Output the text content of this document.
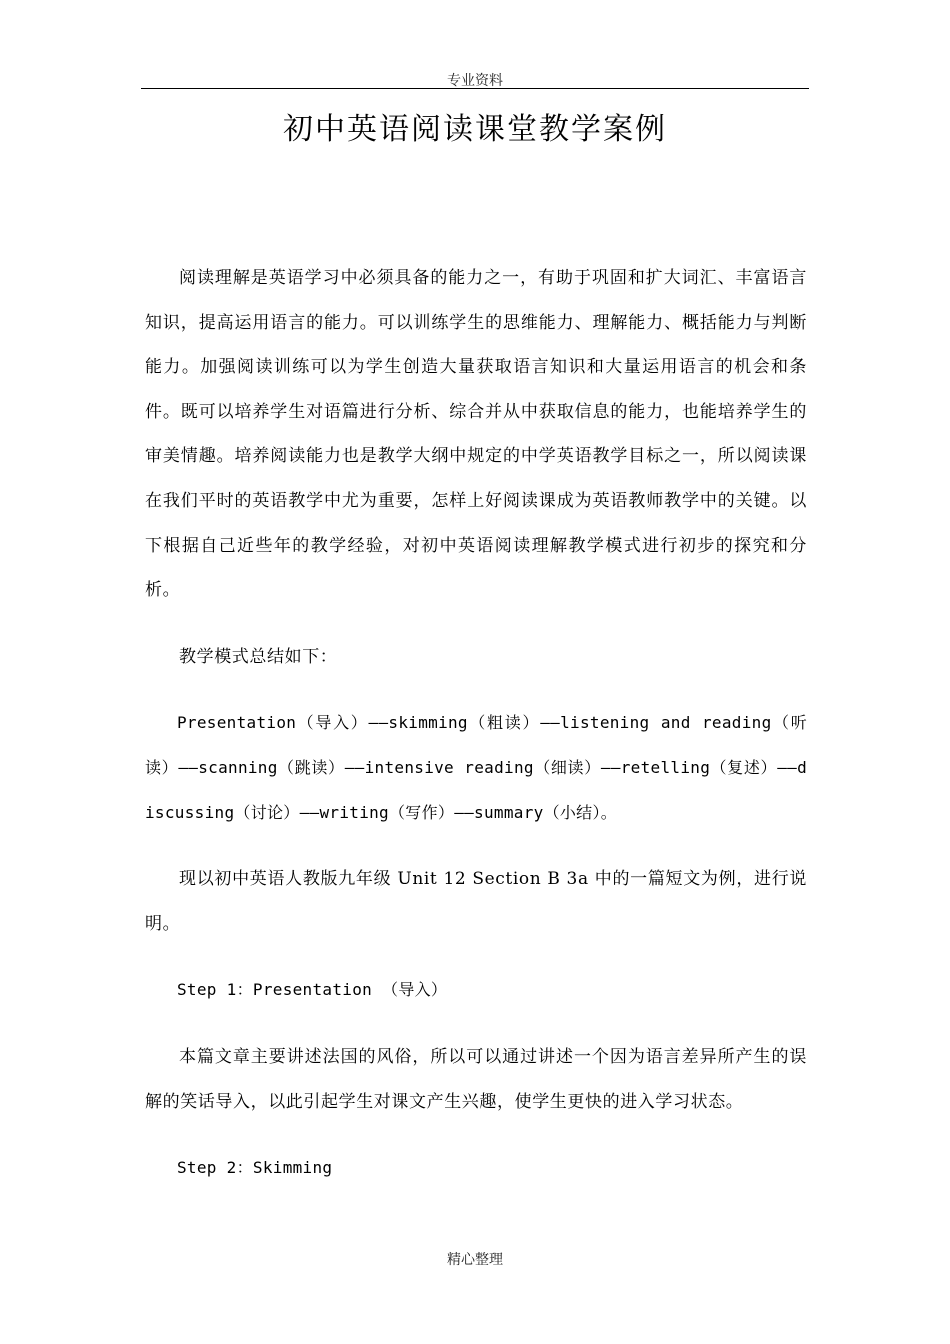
专业资料
初中英语阅读课堂教学案例

阅读理解是英语学习中必须具备的能力之一，有助于巩固和扩大词汇、丰富语言知识，提高运用语言的能力。可以训练学生的思维能力、理解能力、概括能力与判断能力。加强阅读训练可以为学生创造大量获取语言知识和大量运用语言的机会和条件。既可以培养学生对语篇进行分析、综合并从中获取信息的能力，也能培养学生的审美情趣。培养阅读能力也是教学大纲中规定的中学英语教学目标之一，所以阅读课在我们平时的英语教学中尤为重要，怎样上好阅读课成为英语教师教学中的关键。以下根据自己近些年的教学经验，对初中英语阅读理解教学模式进行初步的探究和分析。

教学模式总结如下：

Presentation（导入）——skimming（粗读）——listening and reading（听读）——scanning（跳读）——intensive reading（细读）——retelling（复述）——discussing（讨论）——writing（写作）——summary（小结）。

现以初中英语人教版九年级 Unit 12 Section B 3a 中的一篇短文为例，进行说明。

Step 1：Presentation （导入）

本篇文章主要讲述法国的风俗，所以可以通过讲述一个因为语言差异所产生的误解的笑话导入，以此引起学生对课文产生兴趣，使学生更快的进入学习状态。

Step 2：Skimming

精心整理
